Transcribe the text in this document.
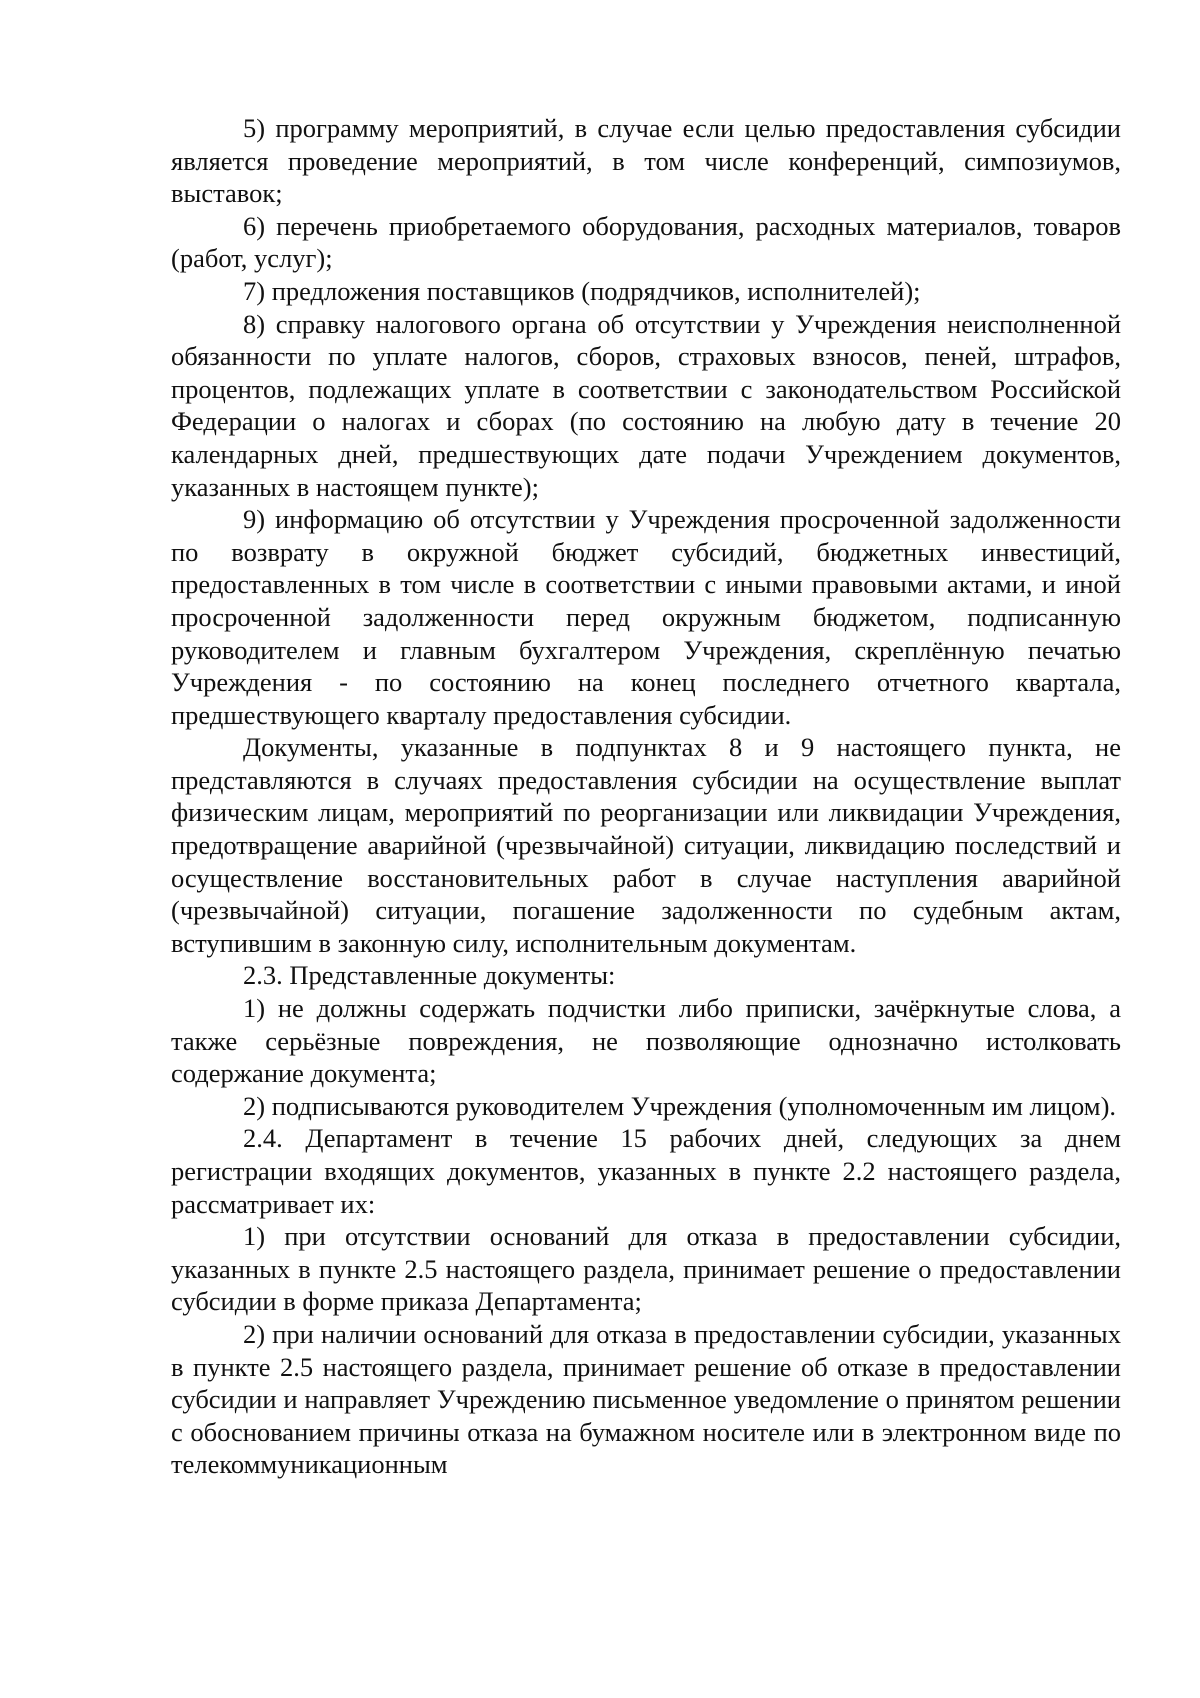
5) программу мероприятий, в случае если целью предоставления субсидии является проведение мероприятий, в том числе конференций, симпозиумов, выставок;

6) перечень приобретаемого оборудования, расходных материалов, товаров (работ, услуг);

7) предложения поставщиков (подрядчиков, исполнителей);

8) справку налогового органа об отсутствии у Учреждения неисполненной обязанности по уплате налогов, сборов, страховых взносов, пеней, штрафов, процентов, подлежащих уплате в соответствии с законодательством Российской Федерации о налогах и сборах (по состоянию на любую дату в течение 20 календарных дней, предшествующих дате подачи Учреждением документов, указанных в настоящем пункте);

9) информацию об отсутствии у Учреждения просроченной задолженности по возврату в окружной бюджет субсидий, бюджетных инвестиций, предоставленных в том числе в соответствии с иными правовыми актами, и иной просроченной задолженности перед окружным бюджетом, подписанную руководителем и главным бухгалтером Учреждения, скреплённую печатью Учреждения - по состоянию на конец последнего отчетного квартала, предшествующего кварталу предоставления субсидии.

Документы, указанные в подпунктах 8 и 9 настоящего пункта, не представляются в случаях предоставления субсидии на осуществление выплат физическим лицам, мероприятий по реорганизации или ликвидации Учреждения, предотвращение аварийной (чрезвычайной) ситуации, ликвидацию последствий и осуществление восстановительных работ в случае наступления аварийной (чрезвычайной) ситуации, погашение задолженности по судебным актам, вступившим в законную силу, исполнительным документам.

2.3. Представленные документы:

1) не должны содержать подчистки либо приписки, зачёркнутые слова, а также серьёзные повреждения, не позволяющие однозначно истолковать содержание документа;

2) подписываются руководителем Учреждения (уполномоченным им лицом).

2.4. Департамент в течение 15 рабочих дней, следующих за днем регистрации входящих документов, указанных в пункте 2.2 настоящего раздела, рассматривает их:

1) при отсутствии оснований для отказа в предоставлении субсидии, указанных в пункте 2.5 настоящего раздела, принимает решение о предоставлении субсидии в форме приказа Департамента;

2) при наличии оснований для отказа в предоставлении субсидии, указанных в пункте 2.5 настоящего раздела, принимает решение об отказе в предоставлении субсидии и направляет Учреждению письменное уведомление о принятом решении с обоснованием причины отказа на бумажном носителе или в электронном виде по телекоммуникационным
